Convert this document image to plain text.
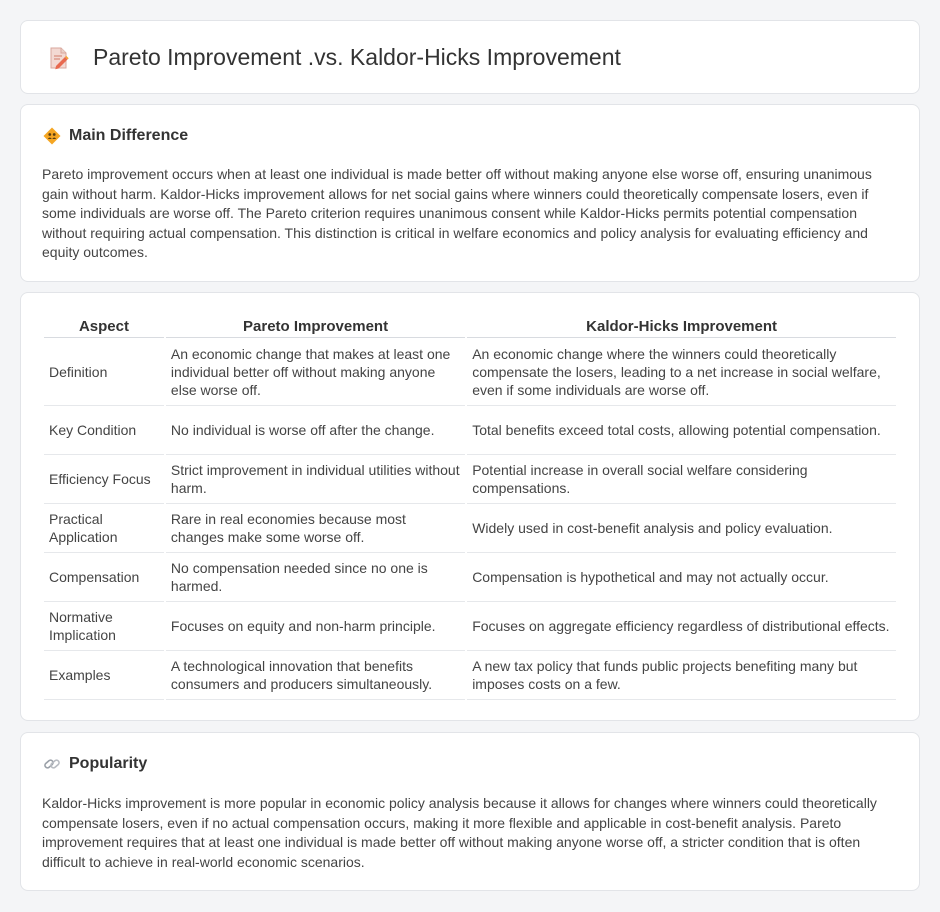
Pareto Improvement .vs. Kaldor-Hicks Improvement
Main Difference

Pareto improvement occurs when at least one individual is made better off without making anyone else worse off, ensuring unanimous gain without harm. Kaldor-Hicks improvement allows for net social gains where winners could theoretically compensate losers, even if some individuals are worse off. The Pareto criterion requires unanimous consent while Kaldor-Hicks permits potential compensation without requiring actual compensation. This distinction is critical in welfare economics and policy analysis for evaluating efficiency and equity outcomes.

Aspect	Pareto Improvement	Kaldor-Hicks Improvement
Definition	An economic change that makes at least one individual better off without making anyone else worse off.	An economic change where the winners could theoretically compensate the losers, leading to a net increase in social welfare, even if some individuals are worse off.
Key Condition	No individual is worse off after the change.	Total benefits exceed total costs, allowing potential compensation.
Efficiency Focus	Strict improvement in individual utilities without harm.	Potential increase in overall social welfare considering compensations.
Practical Application	Rare in real economies because most changes make some worse off.	Widely used in cost-benefit analysis and policy evaluation.
Compensation	No compensation needed since no one is harmed.	Compensation is hypothetical and may not actually occur.
Normative Implication	Focuses on equity and non-harm principle.	Focuses on aggregate efficiency regardless of distributional effects.
Examples	A technological innovation that benefits consumers and producers simultaneously.	A new tax policy that funds public projects benefiting many but imposes costs on a few.
Popularity

Kaldor-Hicks improvement is more popular in economic policy analysis because it allows for changes where winners could theoretically compensate losers, even if no actual compensation occurs, making it more flexible and applicable in cost-benefit analysis. Pareto improvement requires that at least one individual is made better off without making anyone worse off, a stricter condition that is often difficult to achieve in real-world economic scenarios.
